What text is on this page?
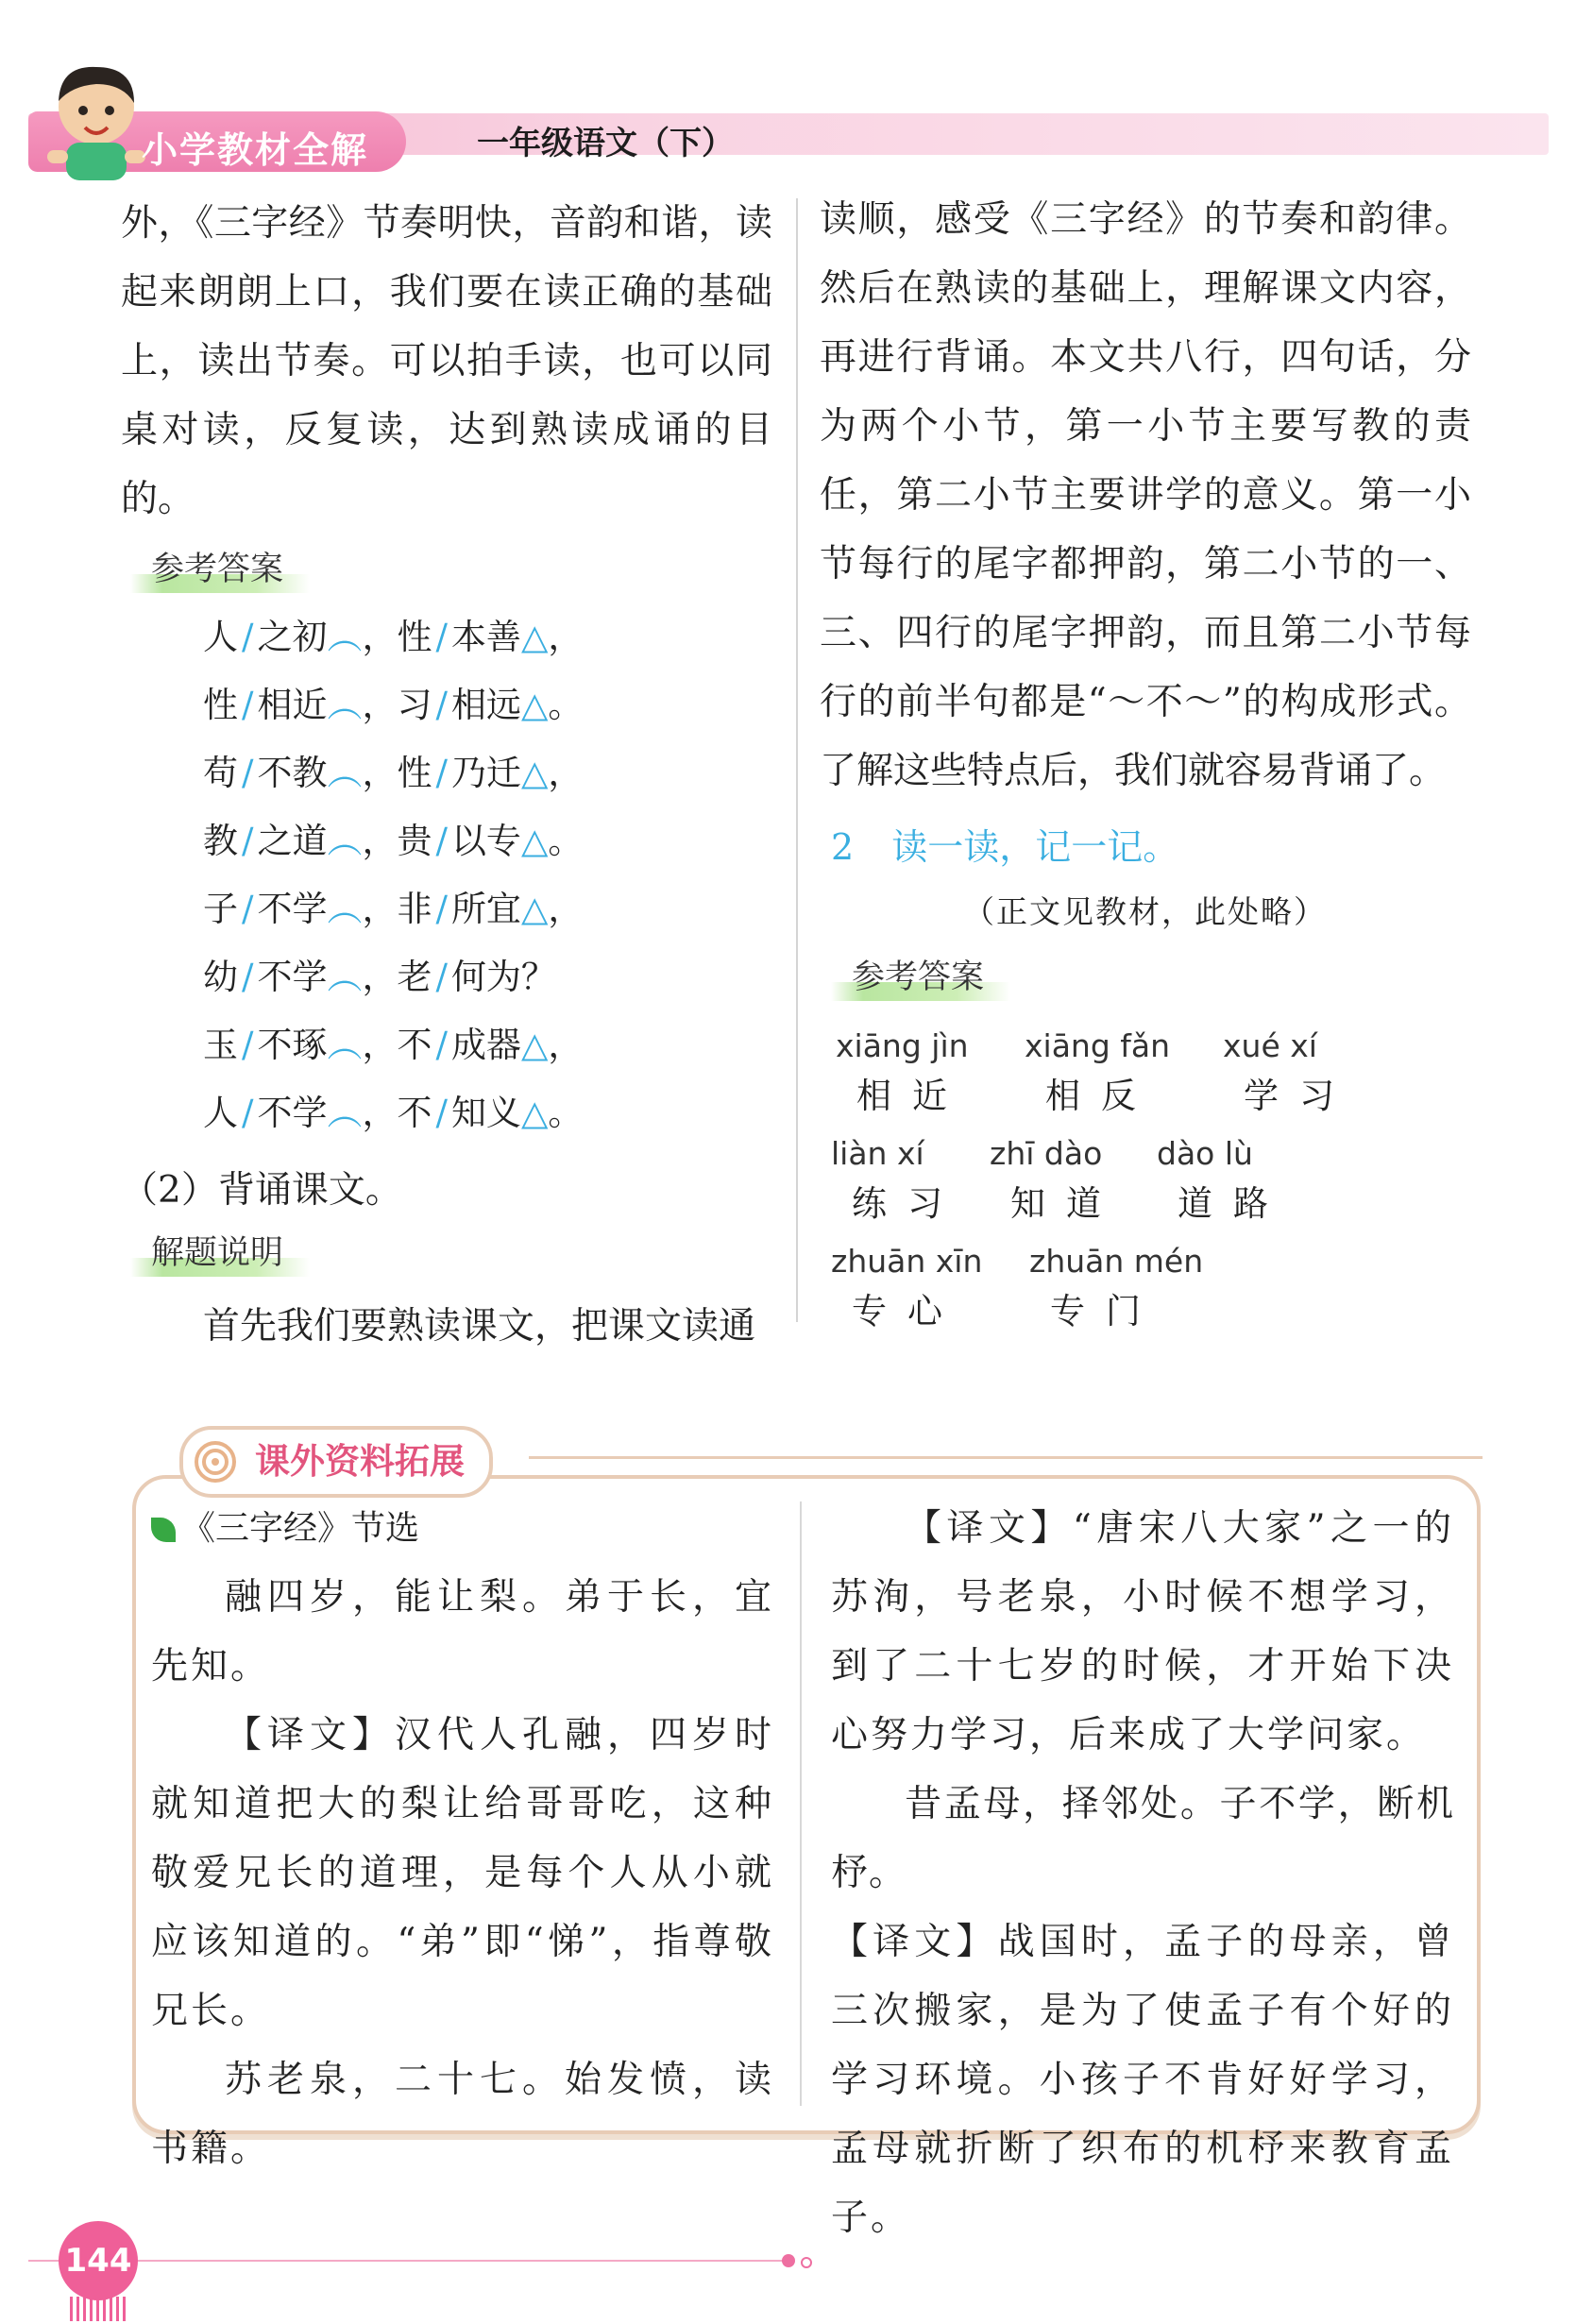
小学教材全解	一年级语文（下）

外，《三字经》节奏明快，音韵和谐，读起来朗朗上口，我们要在读正确的基础上，读出节奏。可以拍手读，也可以同桌对读，反复读，达到熟读成诵的目的。

参考答案
人 / 之初︵，性 / 本善△，
性 / 相近︵，习 / 相远△。
苟 / 不教︵，性 / 乃迁△，
教 / 之道︵，贵 / 以专△。
子 / 不学︵，非 / 所宜△，
幼 / 不学︵，老 / 何为？
玉 / 不琢︵，不 / 成器△，
人 / 不学︵，不 / 知义△。
（2）背诵课文。
解题说明
首先我们要熟读课文，把课文读通

读顺，感受《三字经》的节奏和韵律。然后在熟读的基础上，理解课文内容，再进行背诵。本文共八行，四句话，分为两个小节，第一小节主要写教的责任，第二小节主要讲学的意义。第一小节每行的尾字都押韵，第二小节的一、三、四行的尾字押韵，而且第二小节每行的前半句都是“～不～”的构成形式。了解这些特点后，我们就容易背诵了。

2 读一读，记一记。
（正文见教材，此处略）
参考答案
xiāng jìn
相近
xiāng fǎn
相反
xué xí
学习
liàn xí
练习
zhī dào
知道
dào lù
道路
zhuān xīn
专心
zhuān mén
专门
课外资料拓展

《三字经》节选

融四岁，能让梨。弟于长，宜先知。

【译文】汉代人孔融，四岁时就知道把大的梨让给哥哥吃，这种敬爱兄长的道理，是每个人从小就应该知道的。“弟”即“悌”，指尊敬兄长。

苏老泉，二十七。始发愤，读书籍。

【译文】“唐宋八大家”之一的苏洵，号老泉，小时候不想学习，到了二十七岁的时候，才开始下决心努力学习，后来成了大学问家。

昔孟母，择邻处。子不学，断机杼。

【译文】战国时，孟子的母亲，曾三次搬家，是为了使孟子有个好的学习环境。小孩子不肯好好学习，孟母就折断了织布的机杼来教育孟子。

144
